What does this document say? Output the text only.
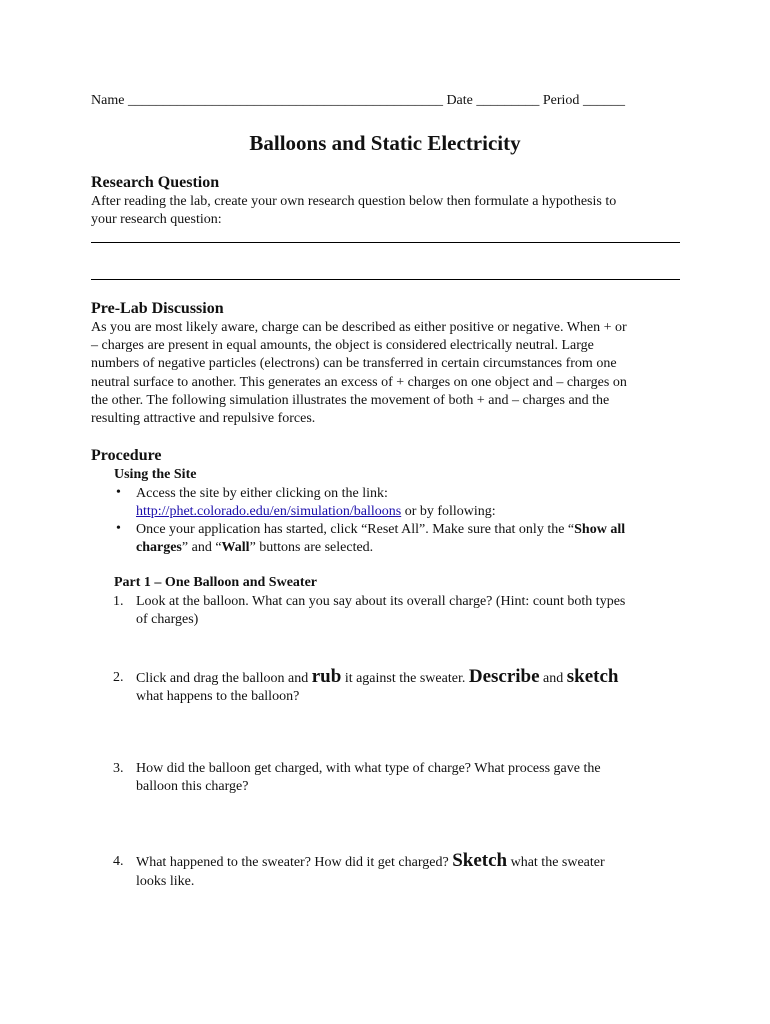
Name _____________________________________________ Date _________ Period ______
Balloons and Static Electricity
Research Question
After reading the lab, create your own research question below then formulate a hypothesis to
your research question:
Pre-Lab Discussion
As you are most likely aware, charge can be described as either positive or negative. When + or
– charges are present in equal amounts, the object is considered electrically neutral. Large
numbers of negative particles (electrons) can be transferred in certain circumstances from one
neutral surface to another. This generates an excess of + charges on one object and – charges on
the other. The following simulation illustrates the movement of both + and – charges and the
resulting attractive and repulsive forces.
Procedure
Using the Site
• Access the site by either clicking on the link:
http://phet.colorado.edu/en/simulation/balloons or by following:
• Once your application has started, click “Reset All”. Make sure that only the “Show all
charges” and “Wall” buttons are selected.
Part 1 – One Balloon and Sweater
1. Look at the balloon. What can you say about its overall charge? (Hint: count both types
of charges)
2. Click and drag the balloon and rub it against the sweater. Describe and sketch
what happens to the balloon?
3. How did the balloon get charged, with what type of charge? What process gave the
balloon this charge?
4. What happened to the sweater? How did it get charged? Sketch what the sweater
looks like.
